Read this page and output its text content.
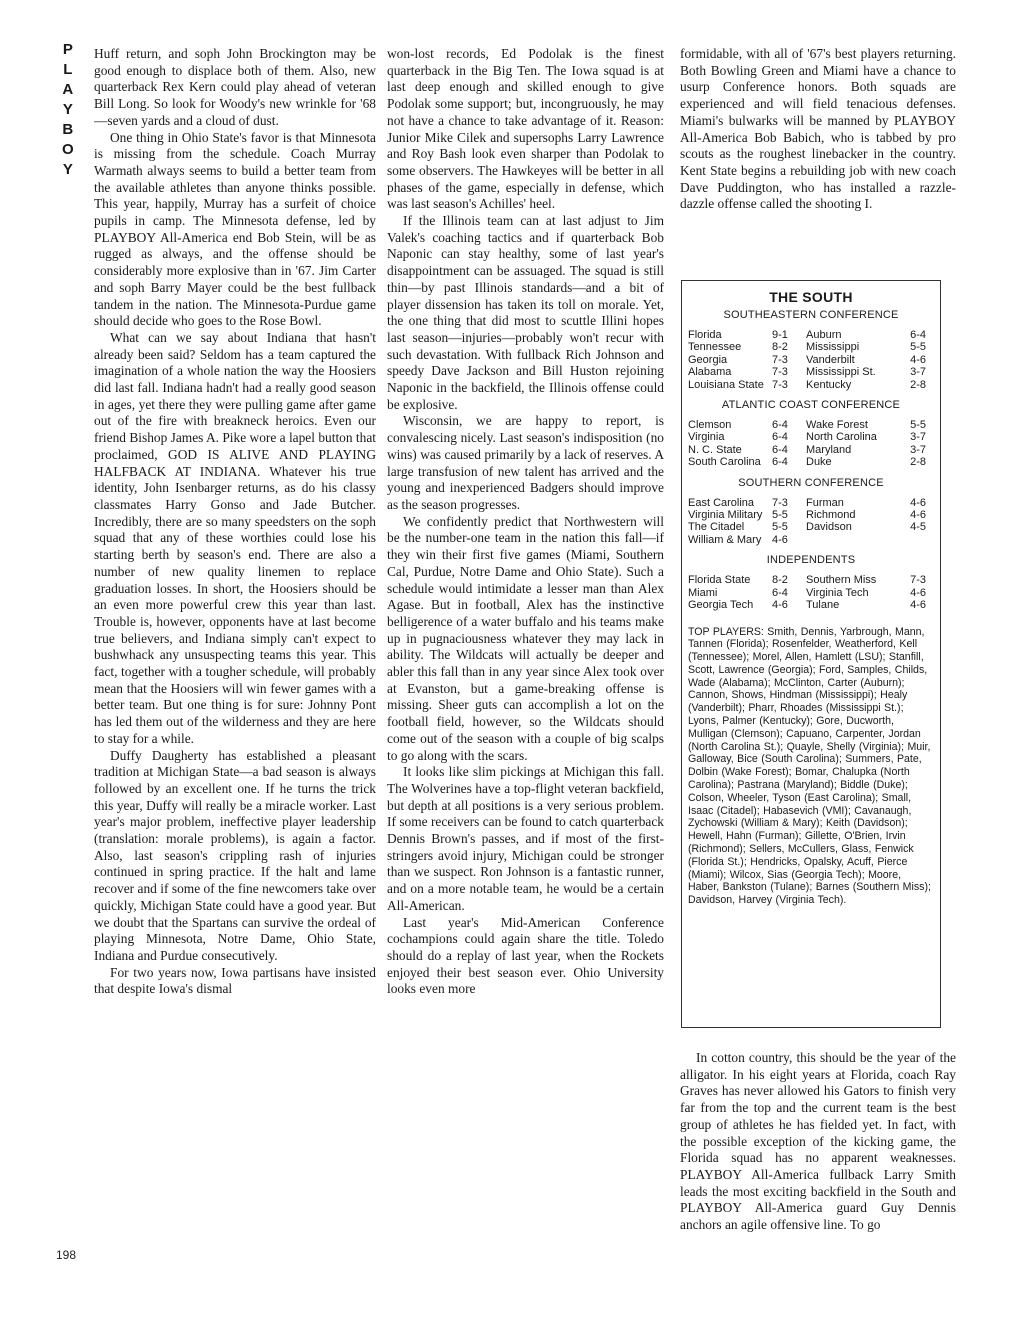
P
L
A
Y
B
O
Y
198

Huff return, and soph John Brockington may be good enough to displace both of them. Also, new quarterback Rex Kern could play ahead of veteran Bill Long. So look for Woody's new wrinkle for '68 —seven yards and a cloud of dust.

One thing in Ohio State's favor is that Minnesota is missing from the schedule. Coach Murray Warmath always seems to build a better team from the available athletes than anyone thinks possible. This year, happily, Murray has a surfeit of choice pupils in camp. The Minnesota defense, led by PLAYBOY All-America end Bob Stein, will be as rugged as always, and the offense should be considerably more explosive than in '67. Jim Carter and soph Barry Mayer could be the best fullback tandem in the nation. The Minnesota-Purdue game should decide who goes to the Rose Bowl.

What can we say about Indiana that hasn't already been said? Seldom has a team captured the imagination of a whole nation the way the Hoosiers did last fall. Indiana hadn't had a really good season in ages, yet there they were pulling game after game out of the fire with breakneck heroics. Even our friend Bishop James A. Pike wore a lapel button that proclaimed, GOD IS ALIVE AND PLAYING HALFBACK AT INDIANA. Whatever his true identity, John Isenbarger returns, as do his classy classmates Harry Gonso and Jade Butcher. Incredibly, there are so many speedsters on the soph squad that any of these worthies could lose his starting berth by season's end. There are also a number of new quality linemen to replace graduation losses. In short, the Hoosiers should be an even more powerful crew this year than last. Trouble is, however, opponents have at last become true believers, and Indiana simply can't expect to bushwhack any unsuspecting teams this year. This fact, together with a tougher schedule, will probably mean that the Hoosiers will win fewer games with a better team. But one thing is for sure: Johnny Pont has led them out of the wilderness and they are here to stay for a while.

Duffy Daugherty has established a pleasant tradition at Michigan State—a bad season is always followed by an excellent one. If he turns the trick this year, Duffy will really be a miracle worker. Last year's major problem, ineffective player leadership (translation: morale problems), is again a factor. Also, last season's crippling rash of injuries continued in spring practice. If the halt and lame recover and if some of the fine newcomers take over quickly, Michigan State could have a good year. But we doubt that the Spartans can survive the ordeal of playing Minnesota, Notre Dame, Ohio State, Indiana and Purdue consecutively.

For two years now, Iowa partisans have insisted that despite Iowa's dismal

won-lost records, Ed Podolak is the finest quarterback in the Big Ten. The Iowa squad is at last deep enough and skilled enough to give Podolak some support; but, incongruously, he may not have a chance to take advantage of it. Reason: Junior Mike Cilek and supersophs Larry Lawrence and Roy Bash look even sharper than Podolak to some observers. The Hawkeyes will be better in all phases of the game, especially in defense, which was last season's Achilles' heel.

If the Illinois team can at last adjust to Jim Valek's coaching tactics and if quarterback Bob Naponic can stay healthy, some of last year's disappointment can be assuaged. The squad is still thin—by past Illinois standards—and a bit of player dissension has taken its toll on morale. Yet, the one thing that did most to scuttle Illini hopes last season—injuries—probably won't recur with such devastation. With fullback Rich Johnson and speedy Dave Jackson and Bill Huston rejoining Naponic in the backfield, the Illinois offense could be explosive.

Wisconsin, we are happy to report, is convalescing nicely. Last season's indisposition (no wins) was caused primarily by a lack of reserves. A large transfusion of new talent has arrived and the young and inexperienced Badgers should improve as the season progresses.

We confidently predict that Northwestern will be the number-one team in the nation this fall—if they win their first five games (Miami, Southern Cal, Purdue, Notre Dame and Ohio State). Such a schedule would intimidate a lesser man than Alex Agase. But in football, Alex has the instinctive belligerence of a water buffalo and his teams make up in pugnaciousness whatever they may lack in ability. The Wildcats will actually be deeper and abler this fall than in any year since Alex took over at Evanston, but a game-breaking offense is missing. Sheer guts can accomplish a lot on the football field, however, so the Wildcats should come out of the season with a couple of big scalps to go along with the scars.

It looks like slim pickings at Michigan this fall. The Wolverines have a top-flight veteran backfield, but depth at all positions is a very serious problem. If some receivers can be found to catch quarterback Dennis Brown's passes, and if most of the first-stringers avoid injury, Michigan could be stronger than we suspect. Ron Johnson is a fantastic runner, and on a more notable team, he would be a certain All-American.

Last year's Mid-American Conference cochampions could again share the title. Toledo should do a replay of last year, when the Rockets enjoyed their best season ever. Ohio University looks even more

formidable, with all of '67's best players returning. Both Bowling Green and Miami have a chance to usurp Conference honors. Both squads are experienced and will field tenacious defenses. Miami's bulwarks will be manned by PLAYBOY All-America Bob Babich, who is tabbed by pro scouts as the roughest linebacker in the country. Kent State begins a rebuilding job with new coach Dave Puddington, who has installed a razzle-dazzle offense called the shooting I.

THE SOUTH
SOUTHEASTERN CONFERENCE
Florida	9-1	Auburn	6-4
Tennessee	8-2	Mississippi	5-5
Georgia	7-3	Vanderbilt	4-6
Alabama	7-3	Mississippi St.	3-7
Louisiana State 7-3	Kentucky	2-8
ATLANTIC COAST CONFERENCE
Clemson	6-4	Wake Forest	5-5
Virginia	6-4	North Carolina	3-7
N. C. State	6-4	Maryland	3-7
South Carolina	6-4	Duke	2-8
SOUTHERN CONFERENCE
East Carolina	7-3	Furman	4-6
Virginia Military 5-5	Richmond	4-6
The Citadel	5-5	Davidson	4-5
William & Mary 4-6
INDEPENDENTS
Florida State	8-2	Southern Miss	7-3
Miami	6-4	Virginia Tech	4-6
Georgia Tech	4-6	Tulane	4-6
TOP PLAYERS: Smith, Dennis, Yarbrough, Mann, Tannen (Florida); Rosenfelder, Weatherford, Kell (Tennessee); Morel, Allen, Hamlett (LSU); Stanfill, Scott, Lawrence (Georgia); Ford, Samples, Childs, Wade (Alabama); McClinton, Carter (Auburn); Cannon, Shows, Hindman (Mississippi); Healy (Vanderbilt); Pharr, Rhoades (Mississippi St.); Lyons, Palmer (Kentucky); Gore, Ducworth, Mulligan (Clemson); Capuano, Carpenter, Jordan (North Carolina St.); Quayle, Shelly (Virginia); Muir, Galloway, Bice (South Carolina); Summers, Pate, Dolbin (Wake Forest); Bomar, Chalupka (North Carolina); Pastrana (Maryland); Biddle (Duke); Colson, Wheeler, Tyson (East Carolina); Small, Isaac (Citadel); Habasevich (VMI); Cavanaugh, Zychowski (William & Mary); Keith (Davidson); Hewell, Hahn (Furman); Gillette, O'Brien, Irvin (Richmond); Sellers, McCullers, Glass, Fenwick (Florida St.); Hendricks, Opalsky, Acuff, Pierce (Miami); Wilcox, Sias (Georgia Tech); Moore, Haber, Bankston (Tulane); Barnes (Southern Miss); Davidson, Harvey (Virginia Tech).

In cotton country, this should be the year of the alligator. In his eight years at Florida, coach Ray Graves has never allowed his Gators to finish very far from the top and the current team is the best group of athletes he has fielded yet. In fact, with the possible exception of the kicking game, the Florida squad has no apparent weaknesses. PLAYBOY All-America fullback Larry Smith leads the most exciting backfield in the South and PLAYBOY All-America guard Guy Dennis anchors an agile offensive line. To go
